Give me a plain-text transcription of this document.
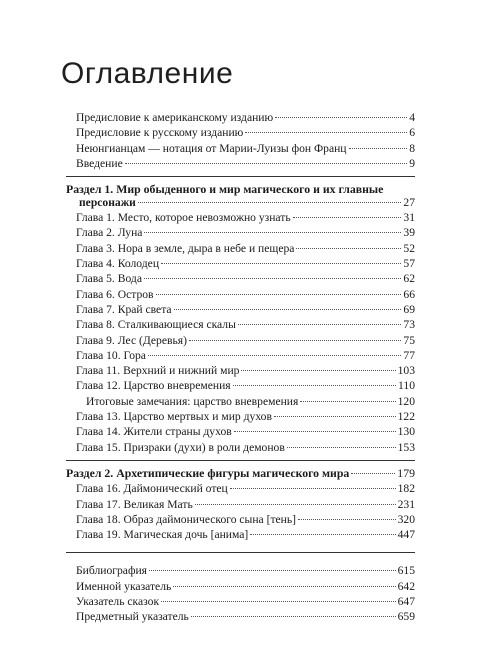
Оглавление
Предисловие к американскому изданию	4
Предисловие к русскому изданию	6
Неюнгианцам — нотация от Марии-Луизы фон Франц	8
Введение	9
Раздел 1. Мир обыденного и мир магического и их главные
персонажи	27
Глава 1. Место, которое невозможно узнать	31
Глава 2. Луна	39
Глава 3. Нора в земле, дыра в небе и пещера	52
Глава 4. Колодец	57
Глава 5. Вода	62
Глава 6. Остров	66
Глава 7. Край света	69
Глава 8. Сталкивающиеся скалы	73
Глава 9. Лес (Деревья)	75
Глава 10. Гора	77
Глава 11. Верхний и нижний мир	103
Глава 12. Царство вневремения	110
Итоговые замечания: царство вневремения	120
Глава 13. Царство мертвых и мир духов	122
Глава 14. Жители страны духов	130
Глава 15. Призраки (духи) в роли демонов	153
Раздел 2. Архетипические фигуры магического мира	179
Глава 16. Даймонический отец	182
Глава 17. Великая Мать	231
Глава 18. Образ даймонического сына [тень]	320
Глава 19. Магическая дочь [анима]	447
Библиография	615
Именной указатель	642
Указатель сказок	647
Предметный указатель	659
